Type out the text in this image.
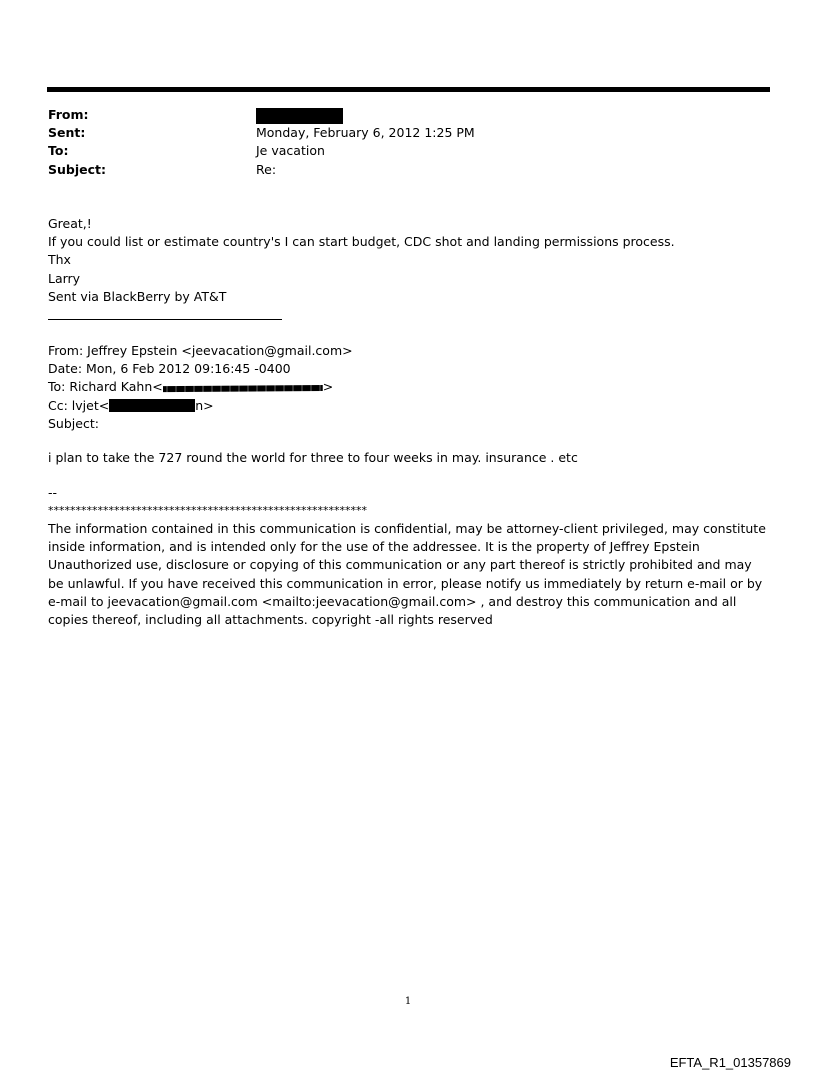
From:
Sent:	Monday, February 6, 2012 1:25 PM
To:	Je vacation
Subject:	Re:
Great,!
If you could list or estimate country's I can start budget, CDC shot and landing permissions process.
Thx
Larry
Sent via BlackBerry by AT&T
From: Jeffrey Epstein <jeevacation@gmail.com>
Date: Mon, 6 Feb 2012 09:16:45 -0400
To: Richard Kahn<	>
Cc: lvjet<	n>
Subject:
i plan to take the 727 round the world for three to four weeks in may. insurance . etc
--
**********************************************************
The information contained in this communication is confidential, may be attorney-client privileged, may constitute inside information, and is intended only for the use of the addressee. It is the property of Jeffrey Epstein Unauthorized use, disclosure or copying of this communication or any part thereof is strictly prohibited and may be unlawful. If you have received this communication in error, please notify us immediately by return e-mail or by e-mail to jeevacation@gmail.com <mailto:jeevacation@gmail.com> , and destroy this communication and all copies thereof, including all attachments. copyright -all rights reserved
1
EFTA_R1_01357869
